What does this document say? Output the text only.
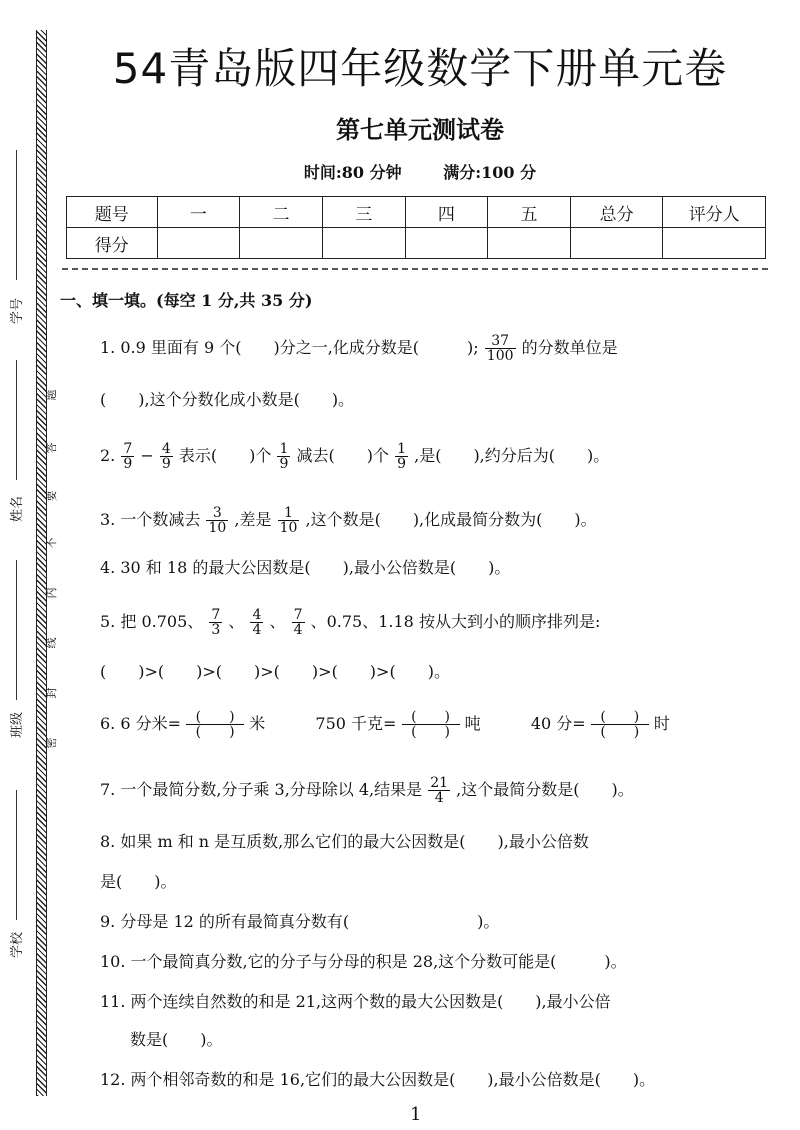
学号
姓名
班级
学校
题
答
要
不
内
线
封
密
54青岛版四年级数学下册单元卷
第七单元测试卷
时间:80 分钟	满分:100 分
题号	一	二	三	四	五	总分	评分人
得分							
一、填一填。(每空 1 分,共 35 分)
1. 0.9 里面有 9 个(　　)分之一,化成分数是(　　　); $\frac{37}{100}$ 的分数单位是
(　　),这个分数化成小数是(　　)。
2. $\frac{7}{9} - \frac{4}{9}$ 表示(　　)个 $\frac{1}{9}$ 减去(　　)个 $\frac{1}{9}$ ,是(　　),约分后为(　　)。
3. 一个数减去 $\frac{3}{10}$ ,差是 $\frac{1}{10}$ ,这个数是(　　),化成最简分数为(　　)。
4. 30 和 18 的最大公因数是(　　),最小公倍数是(　　)。
5. 把 0.705、 $\frac{7}{3}$ 、 $\frac{4}{4}$ 、 $\frac{7}{4}$ 、0.75、1.18 按从大到小的顺序排列是:
(　　)>(　　)>(　　)>(　　)>(　　)>(　　)。
6. 6 分米=	(　　)
(　　) 米	750 千克=	(　　)
(　　) 吨	40 分=	(　　)
(　　) 时
7. 一个最简分数,分子乘 3,分母除以 4,结果是 $\frac{21}{4}$ ,这个最简分数是(　　)。
8. 如果 m 和 n 是互质数,那么它们的最大公因数是(　　),最小公倍数
是(　　)。
9. 分母是 12 的所有最简真分数有(　　　　　　　　)。
10. 一个最简真分数,它的分子与分母的积是 28,这个分数可能是(　　　)。
11. 两个连续自然数的和是 21,这两个数的最大公因数是(　　),最小公倍
数是(　　)。
12. 两个相邻奇数的和是 16,它们的最大公因数是(　　),最小公倍数是(　　)。
1
